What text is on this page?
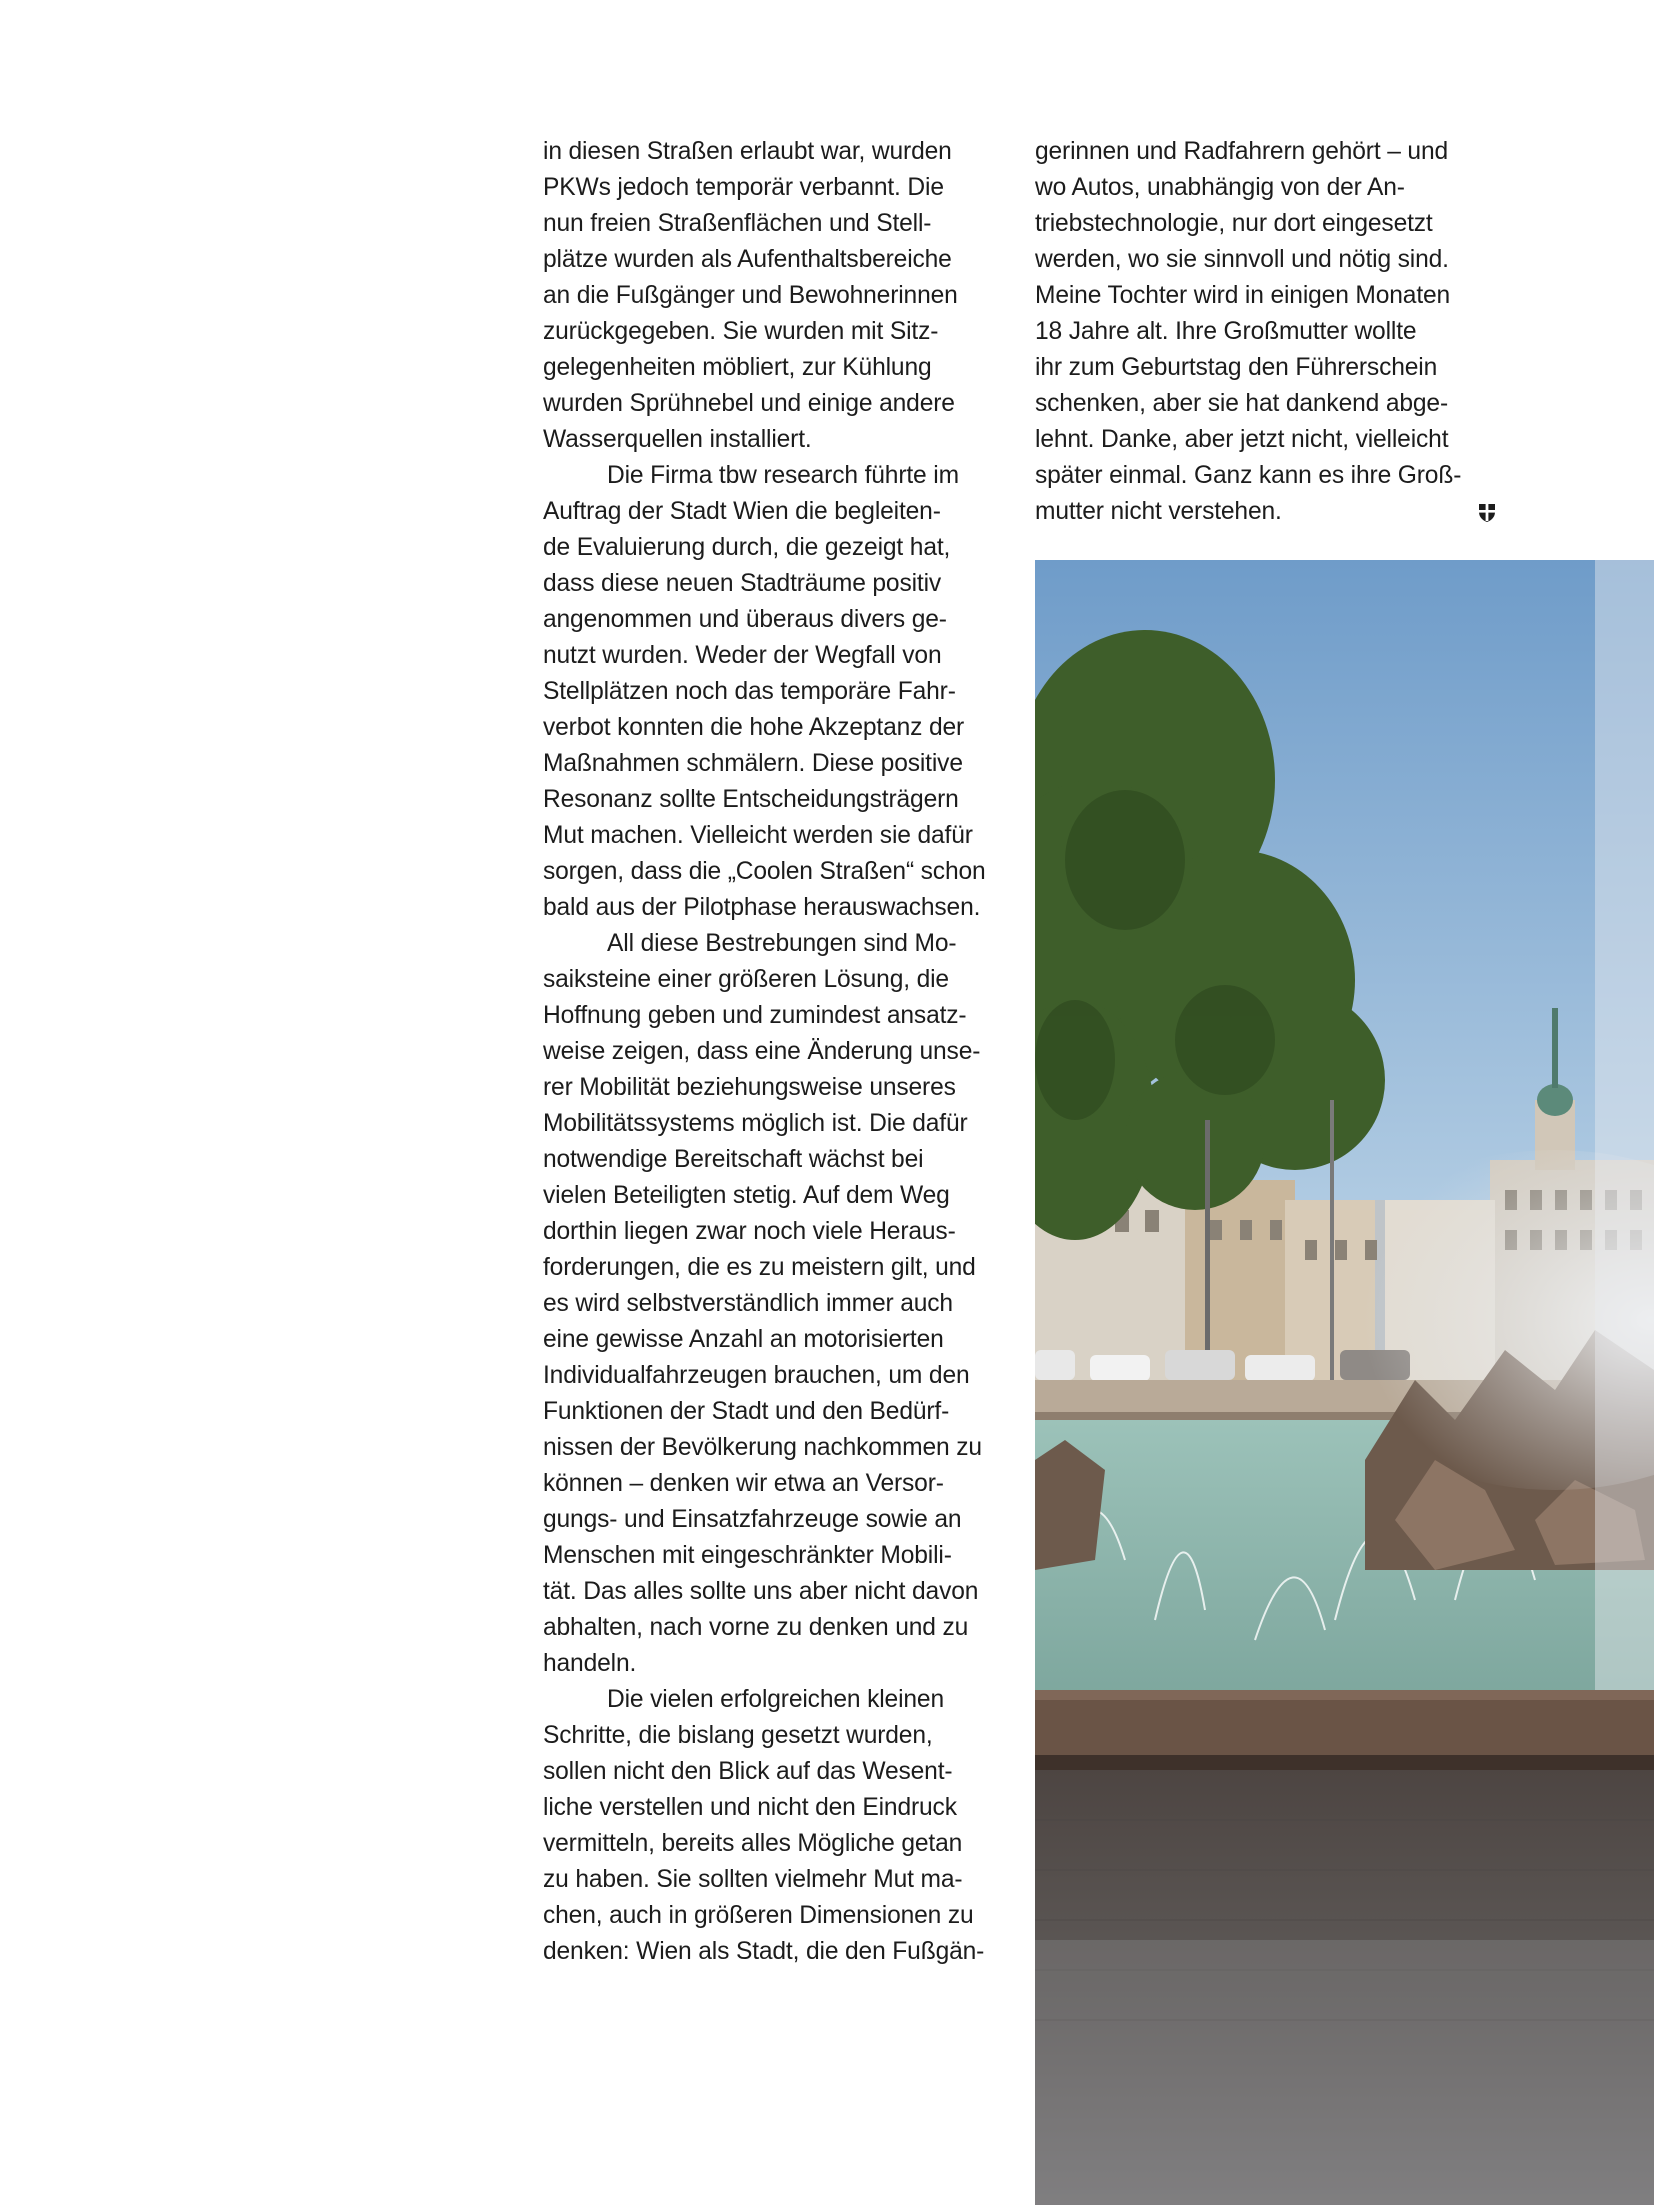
in diesen Straßen erlaubt war, wurden
PKWs jedoch temporär verbannt. Die
nun freien Straßenflächen und Stell-
plätze wurden als Aufenthaltsbereiche
an die Fußgänger und Bewohnerinnen
zurückgegeben. Sie wurden mit Sitz-
gelegenheiten möbliert, zur Kühlung
wurden Sprühnebel und einige andere
Wasserquellen installiert.
Die Firma tbw research führte im
Auftrag der Stadt Wien die begleiten-
de Evaluierung durch, die gezeigt hat,
dass diese neuen Stadträume positiv
angenommen und überaus divers ge-
nutzt wurden. Weder der Wegfall von
Stellplätzen noch das temporäre Fahr-
verbot konnten die hohe Akzeptanz der
Maßnahmen schmälern. Diese positive
Resonanz sollte Entscheidungsträgern
Mut machen. Vielleicht werden sie dafür
sorgen, dass die „Coolen Straßen“ schon
bald aus der Pilotphase herauswachsen.
All diese Bestrebungen sind Mo-
saiksteine einer größeren Lösung, die
Hoffnung geben und zumindest ansatz-
weise zeigen, dass eine Änderung unse-
rer Mobilität beziehungsweise unseres
Mobilitätssystems möglich ist. Die dafür
notwendige Bereitschaft wächst bei
vielen Beteiligten stetig. Auf dem Weg
dorthin liegen zwar noch viele Heraus-
forderungen, die es zu meistern gilt, und
es wird selbstverständlich immer auch
eine gewisse Anzahl an motorisierten
Individualfahrzeugen brauchen, um den
Funktionen der Stadt und den Bedürf-
nissen der Bevölkerung nachkommen zu
können – denken wir etwa an Versor-
gungs- und Einsatzfahrzeuge sowie an
Menschen mit eingeschränkter Mobili-
tät. Das alles sollte uns aber nicht davon
abhalten, nach vorne zu denken und zu
handeln.
Die vielen erfolgreichen kleinen
Schritte, die bislang gesetzt wurden,
sollen nicht den Blick auf das Wesent-
liche verstellen und nicht den Eindruck
vermitteln, bereits alles Mögliche getan
zu haben. Sie sollten vielmehr Mut ma-
chen, auch in größeren Dimensionen zu
denken: Wien als Stadt, die den Fußgän-
gerinnen und Radfahrern gehört – und
wo Autos, unabhängig von der An-
triebstechnologie, nur dort eingesetzt
werden, wo sie sinnvoll und nötig sind.
Meine Tochter wird in einigen Monaten
18 Jahre alt. Ihre Großmutter wollte
ihr zum Geburtstag den Führerschein
schenken, aber sie hat dankend abge-
lehnt. Danke, aber jetzt nicht, vielleicht
später einmal. Ganz kann es ihre Groß-
mutter nicht verstehen.
